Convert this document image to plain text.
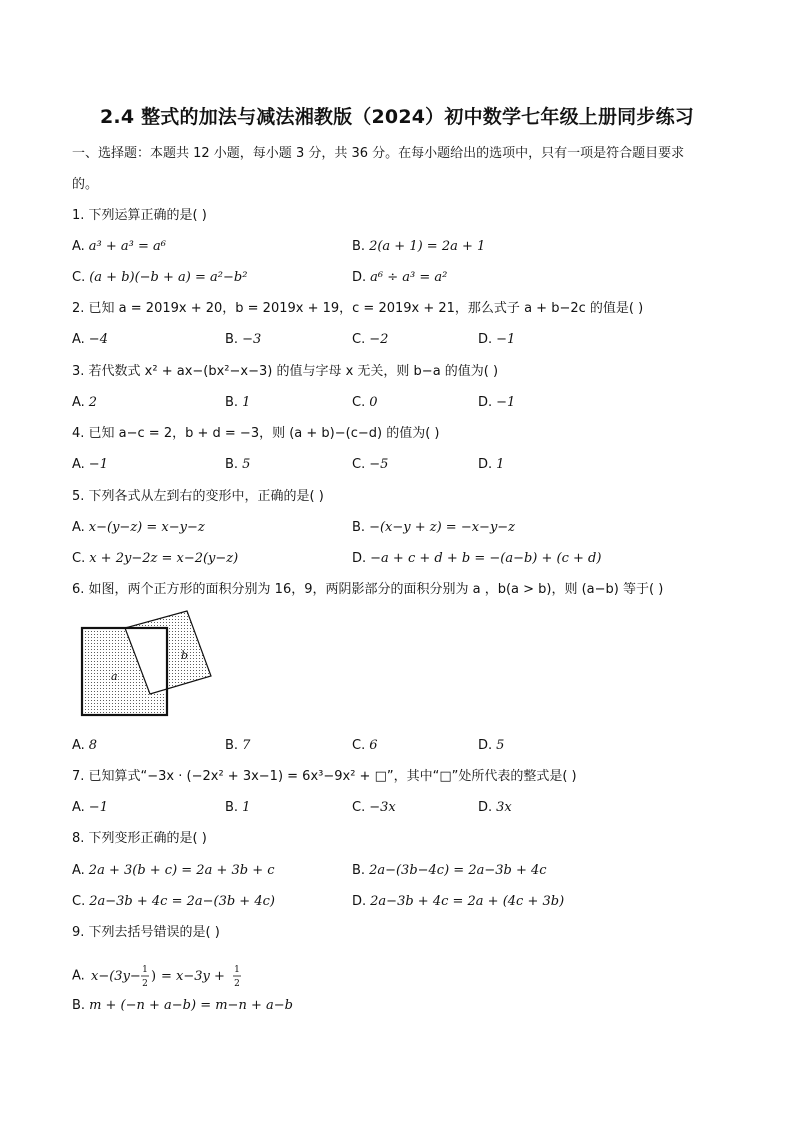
2.4 整式的加法与减法湘教版（2024）初中数学七年级上册同步练习
一、选择题：本题共 12 小题，每小题 3 分，共 36 分。在每小题给出的选项中，只有一项是符合题目要求
的。
1. 下列运算正确的是( )
A. a³ + a³ = a⁶	B. 2(a + 1) = 2a + 1
C. (a + b)(−b + a) = a²−b²	D. a⁶ ÷ a³ = a²
2. 已知 a = 2019x + 20，b = 2019x + 19，c = 2019x + 21，那么式子 a + b−2c 的值是( )
A. −4	B. −3	C. −2	D. −1
3. 若代数式 x² + ax−(bx²−x−3) 的值与字母 x 无关，则 b−a 的值为( )
A. 2	B. 1	C. 0	D. −1
4. 已知 a−c = 2，b + d = −3，则 (a + b)−(c−d) 的值为( )
A. −1	B. 5	C. −5	D. 1
5. 下列各式从左到右的变形中，正确的是( )
A. x−(y−z) = x−y−z	B. −(x−y + z) = −x−y−z
C. x + 2y−2z = x−2(y−z)	D. −a + c + d + b = −(a−b) + (c + d)
6. 如图，两个正方形的面积分别为 16，9，两阴影部分的面积分别为 a ，b(a > b)，则 (a−b) 等于( )
a
b
A. 8	B. 7	C. 6	D. 5
7. 已知算式“−3x · (−2x² + 3x−1) = 6x³−9x² + □”，其中“□”处所代表的整式是( )
A. −1	B. 1	C. −3x	D. 3x
8. 下列变形正确的是( )
A. 2a + 3(b + c) = 2a + 3b + c	B. 2a−(3b−4c) = 2a−3b + 4c
C. 2a−3b + 4c = 2a−(3b + 4c)	D. 2a−3b + 4c = 2a + (4c + 3b)
9. 下列去括号错误的是( )
A. x−(3y− 1
2 ) = x−3y + 1
2
B. m + (−n + a−b) = m−n + a−b
